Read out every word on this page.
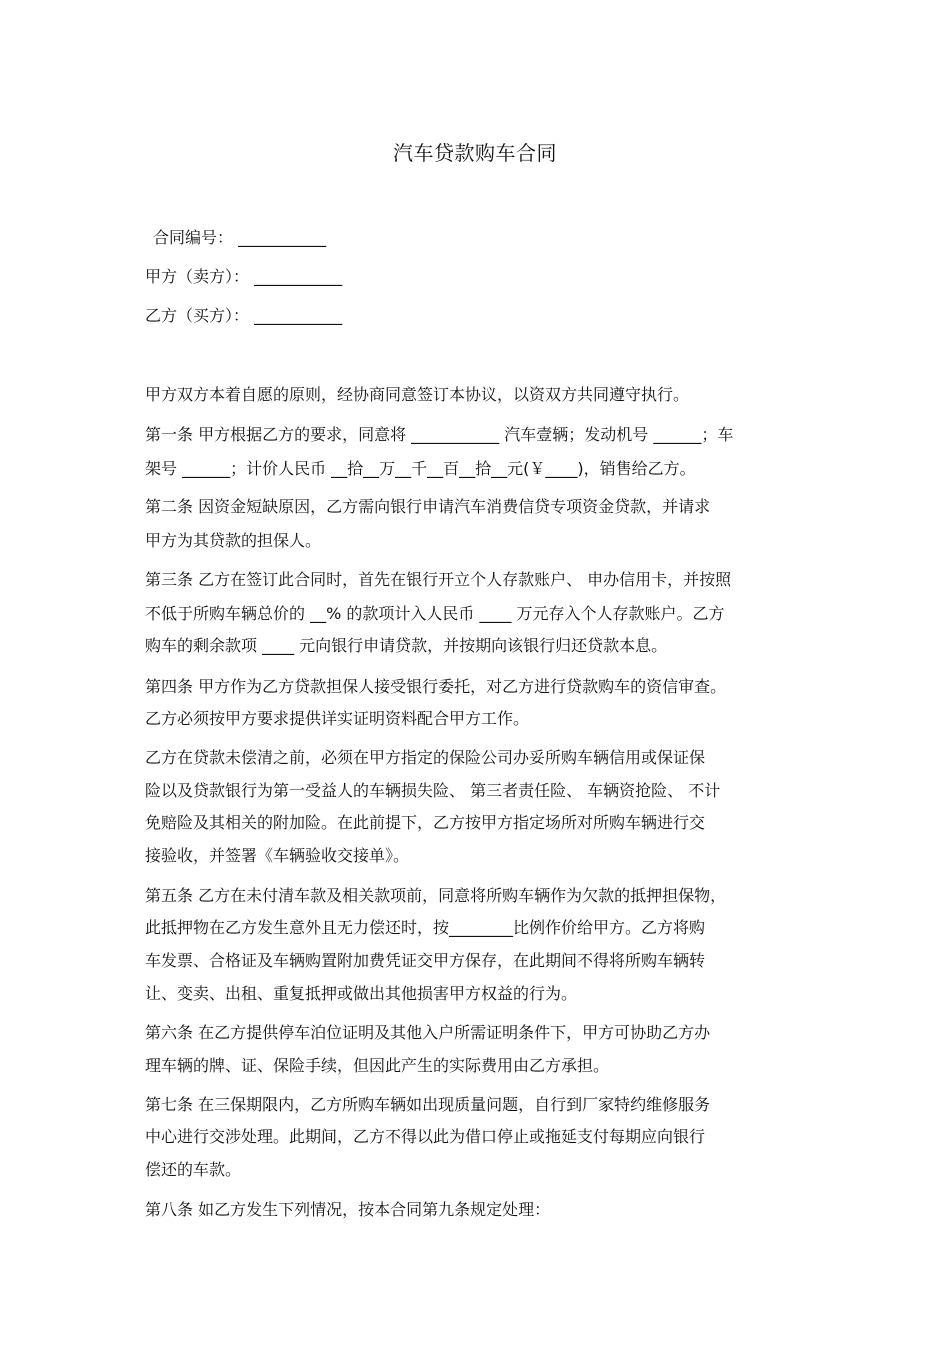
汽车贷款购车合同
合同编号： ___________
甲方（卖方）： ___________
乙方（买方）： ___________
甲方双方本着自愿的原则，经协商同意签订本协议，以资双方共同遵守执行。
第一条 甲方根据乙方的要求，同意将 ___________ 汽车壹辆；发动机号 ______；车
架号 ______；计价人民币 __拾__万__千__百__拾__元(￥____)，销售给乙方。
第二条 因资金短缺原因，乙方需向银行申请汽车消费信贷专项资金贷款，并请求
甲方为其贷款的担保人。
第三条 乙方在签订此合同时，首先在银行开立个人存款账户、 申办信用卡，并按照
不低于所购车辆总价的 __% 的款项计入人民币 ____ 万元存入个人存款账户。乙方
购车的剩余款项 ____ 元向银行申请贷款，并按期向该银行归还贷款本息。
第四条 甲方作为乙方贷款担保人接受银行委托，对乙方进行贷款购车的资信审查。
乙方必须按甲方要求提供详实证明资料配合甲方工作。
乙方在贷款未偿清之前，必须在甲方指定的保险公司办妥所购车辆信用或保证保
险以及贷款银行为第一受益人的车辆损失险、 第三者责任险、 车辆资抢险、 不计
免赔险及其相关的附加险。在此前提下，乙方按甲方指定场所对所购车辆进行交
接验收，并签署《车辆验收交接单》。
第五条 乙方在未付清车款及相关款项前，同意将所购车辆作为欠款的抵押担保物，
此抵押物在乙方发生意外且无力偿还时，按________比例作价给甲方。乙方将购
车发票、合格证及车辆购置附加费凭证交甲方保存，在此期间不得将所购车辆转
让、变卖、出租、重复抵押或做出其他损害甲方权益的行为。
第六条 在乙方提供停车泊位证明及其他入户所需证明条件下，甲方可协助乙方办
理车辆的牌、证、保险手续，但因此产生的实际费用由乙方承担。
第七条 在三保期限内，乙方所购车辆如出现质量问题，自行到厂家特约维修服务
中心进行交涉处理。此期间，乙方不得以此为借口停止或拖延支付每期应向银行
偿还的车款。
第八条 如乙方发生下列情况，按本合同第九条规定处理：
